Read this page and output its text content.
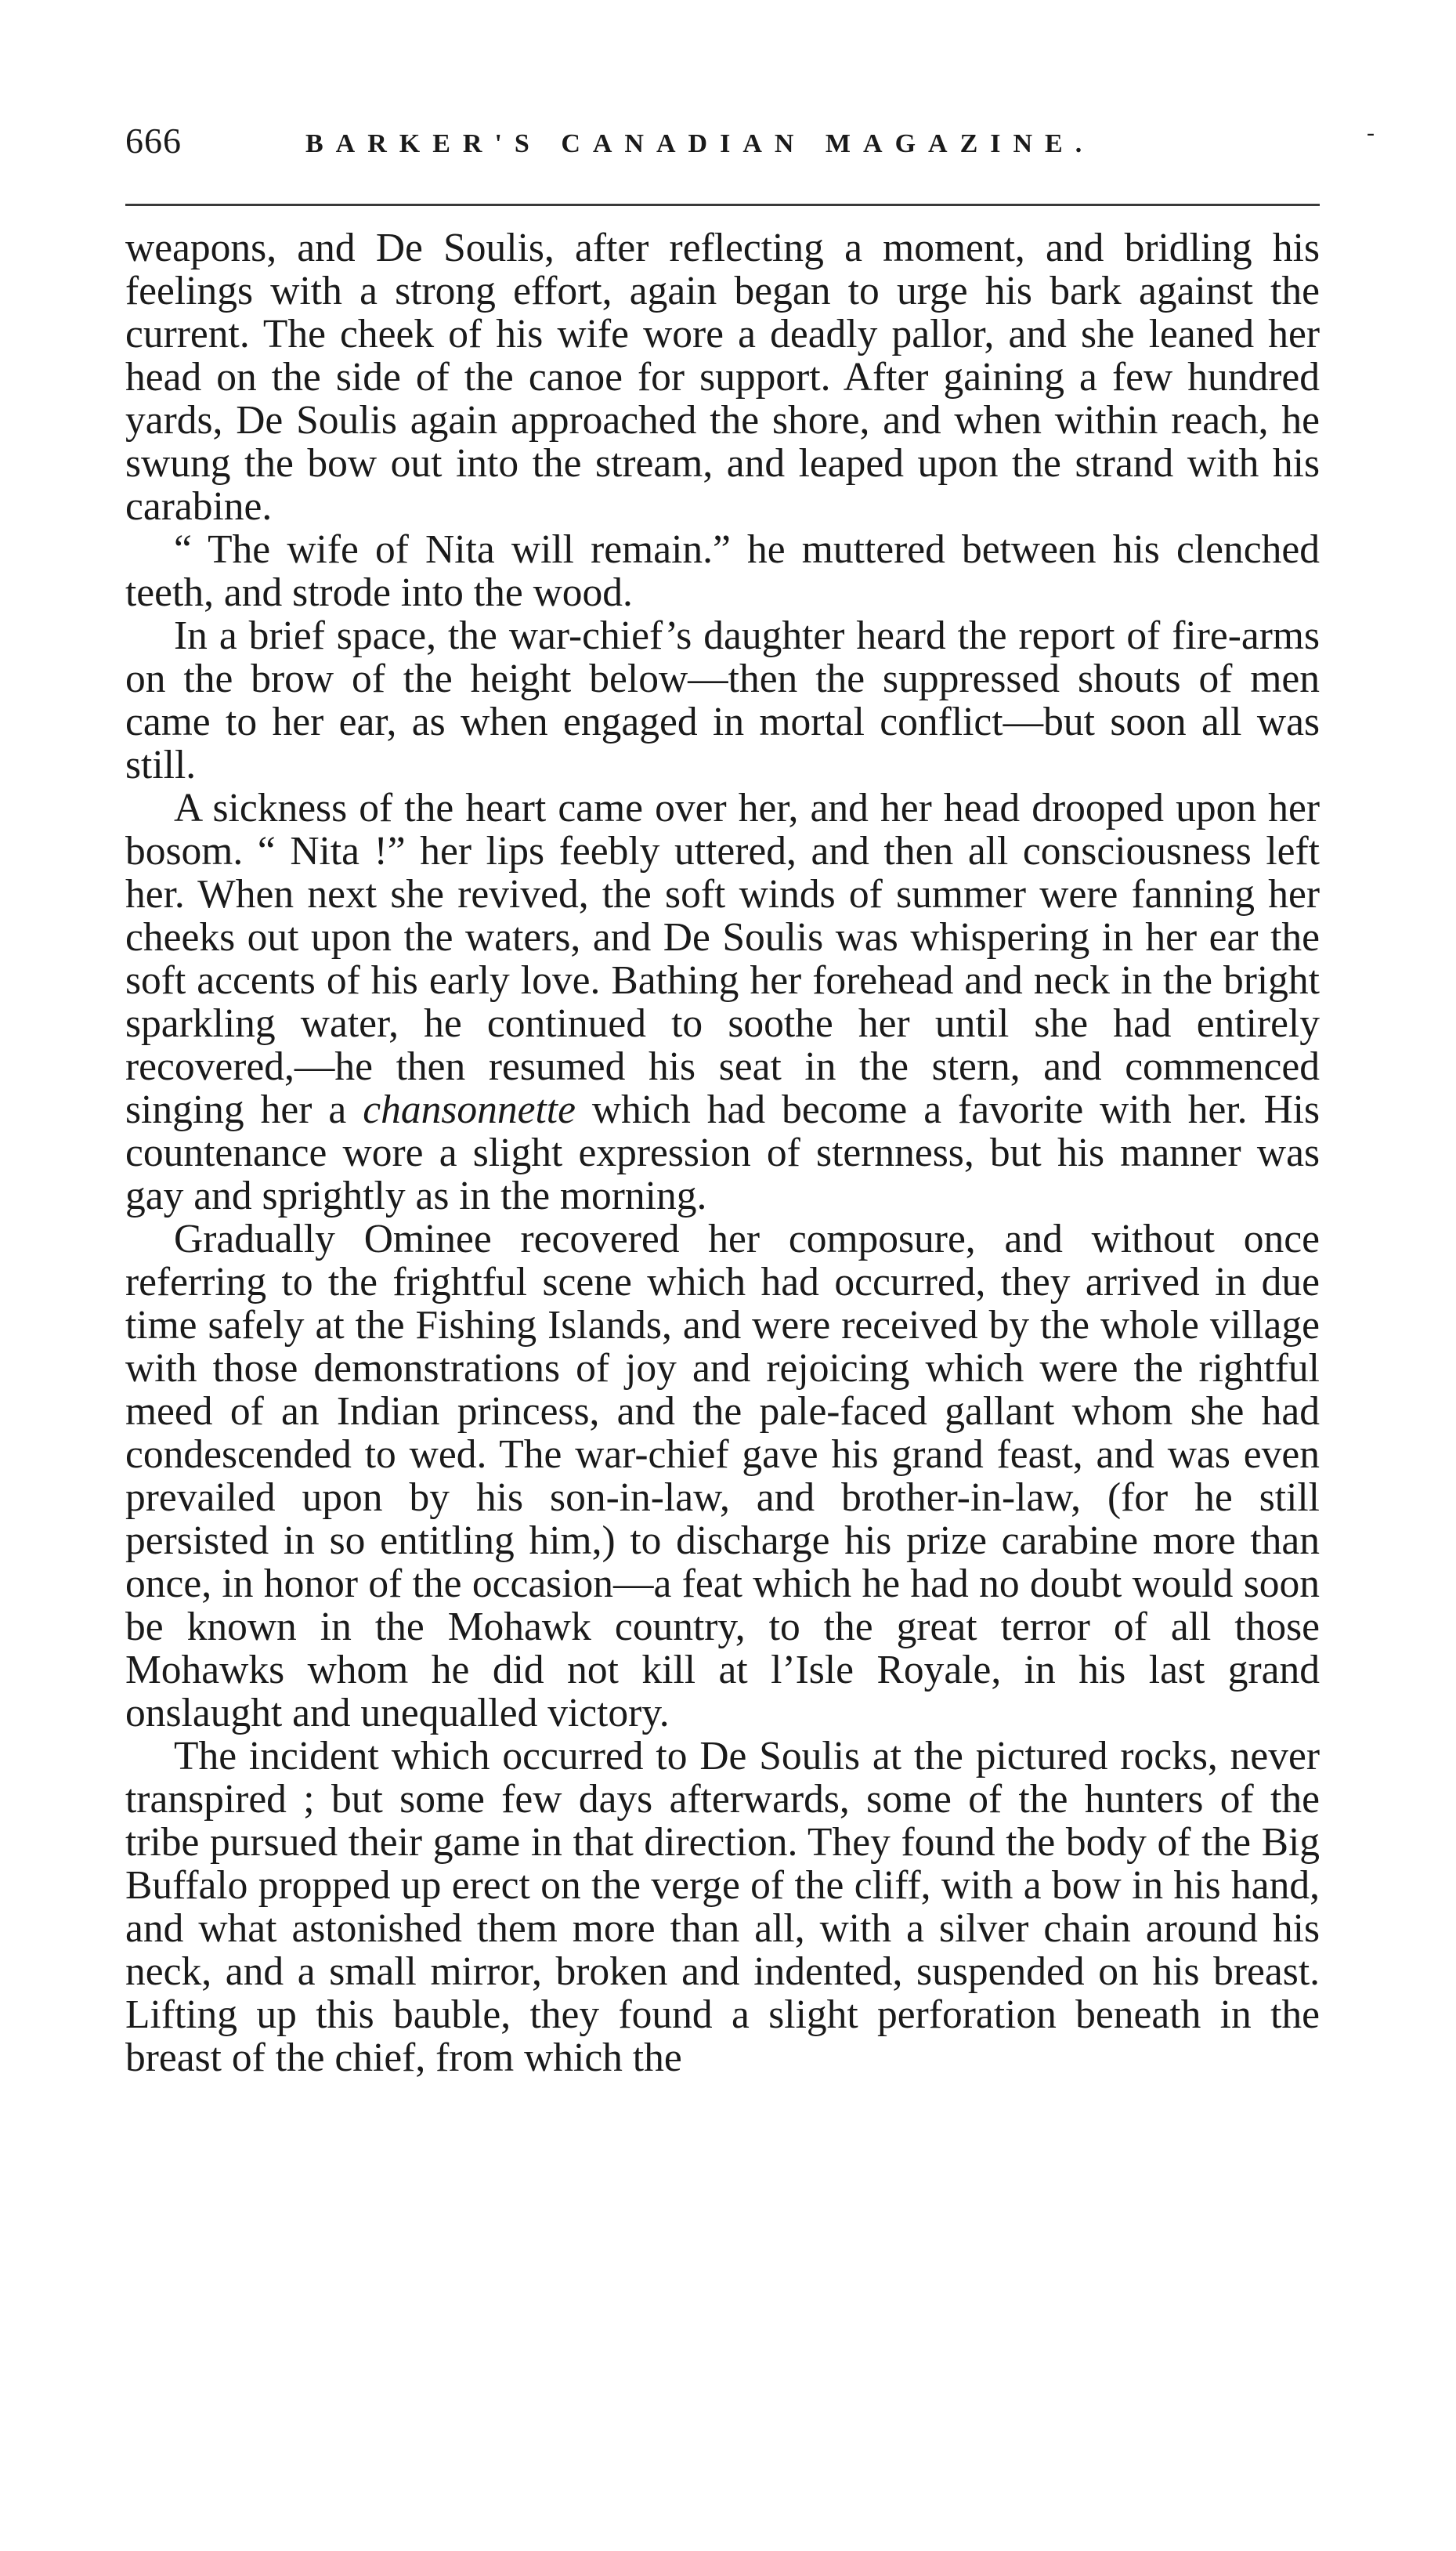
666	BARKER'S CANADIAN MAGAZINE.	-

weapons, and De Soulis, after reflecting a moment, and bridling his feelings with a strong effort, again began to urge his bark against the current. The cheek of his wife wore a deadly pallor, and she leaned her head on the side of the canoe for support. After gaining a few hundred yards, De Soulis again approached the shore, and when within reach, he swung the bow out into the stream, and leaped upon the strand with his carabine.

“ The wife of Nita will remain.” he muttered between his clenched teeth, and strode into the wood.

In a brief space, the war-chief’s daughter heard the report of fire-arms on the brow of the height below—then the suppressed shouts of men came to her ear, as when engaged in mortal conflict—but soon all was still.

A sickness of the heart came over her, and her head drooped upon her bosom. “ Nita !” her lips feebly uttered, and then all consciousness left her. When next she revived, the soft winds of summer were fanning her cheeks out upon the waters, and De Soulis was whispering in her ear the soft accents of his early love. Bathing her forehead and neck in the bright sparkling water, he continued to soothe her until she had entirely recovered,—he then resumed his seat in the stern, and commenced singing her a chansonnette which had become a favorite with her. His countenance wore a slight expression of sternness, but his manner was gay and sprightly as in the morning.

Gradually Ominee recovered her composure, and without once referring to the frightful scene which had occurred, they arrived in due time safely at the Fishing Islands, and were received by the whole village with those demonstrations of joy and rejoicing which were the rightful meed of an Indian princess, and the pale-faced gallant whom she had condescended to wed. The war-chief gave his grand feast, and was even prevailed upon by his son-in-law, and brother-in-law, (for he still persisted in so entitling him,) to discharge his prize carabine more than once, in honor of the occasion—a feat which he had no doubt would soon be known in the Mohawk country, to the great terror of all those Mohawks whom he did not kill at l’Isle Royale, in his last grand onslaught and unequalled victory.

The incident which occurred to De Soulis at the pictured rocks, never transpired ; but some few days afterwards, some of the hunters of the tribe pursued their game in that direction. They found the body of the Big Buffalo propped up erect on the verge of the cliff, with a bow in his hand, and what astonished them more than all, with a silver chain around his neck, and a small mirror, broken and indented, suspended on his breast. Lifting up this bauble, they found a slight perforation beneath in the breast of the chief, from which the
